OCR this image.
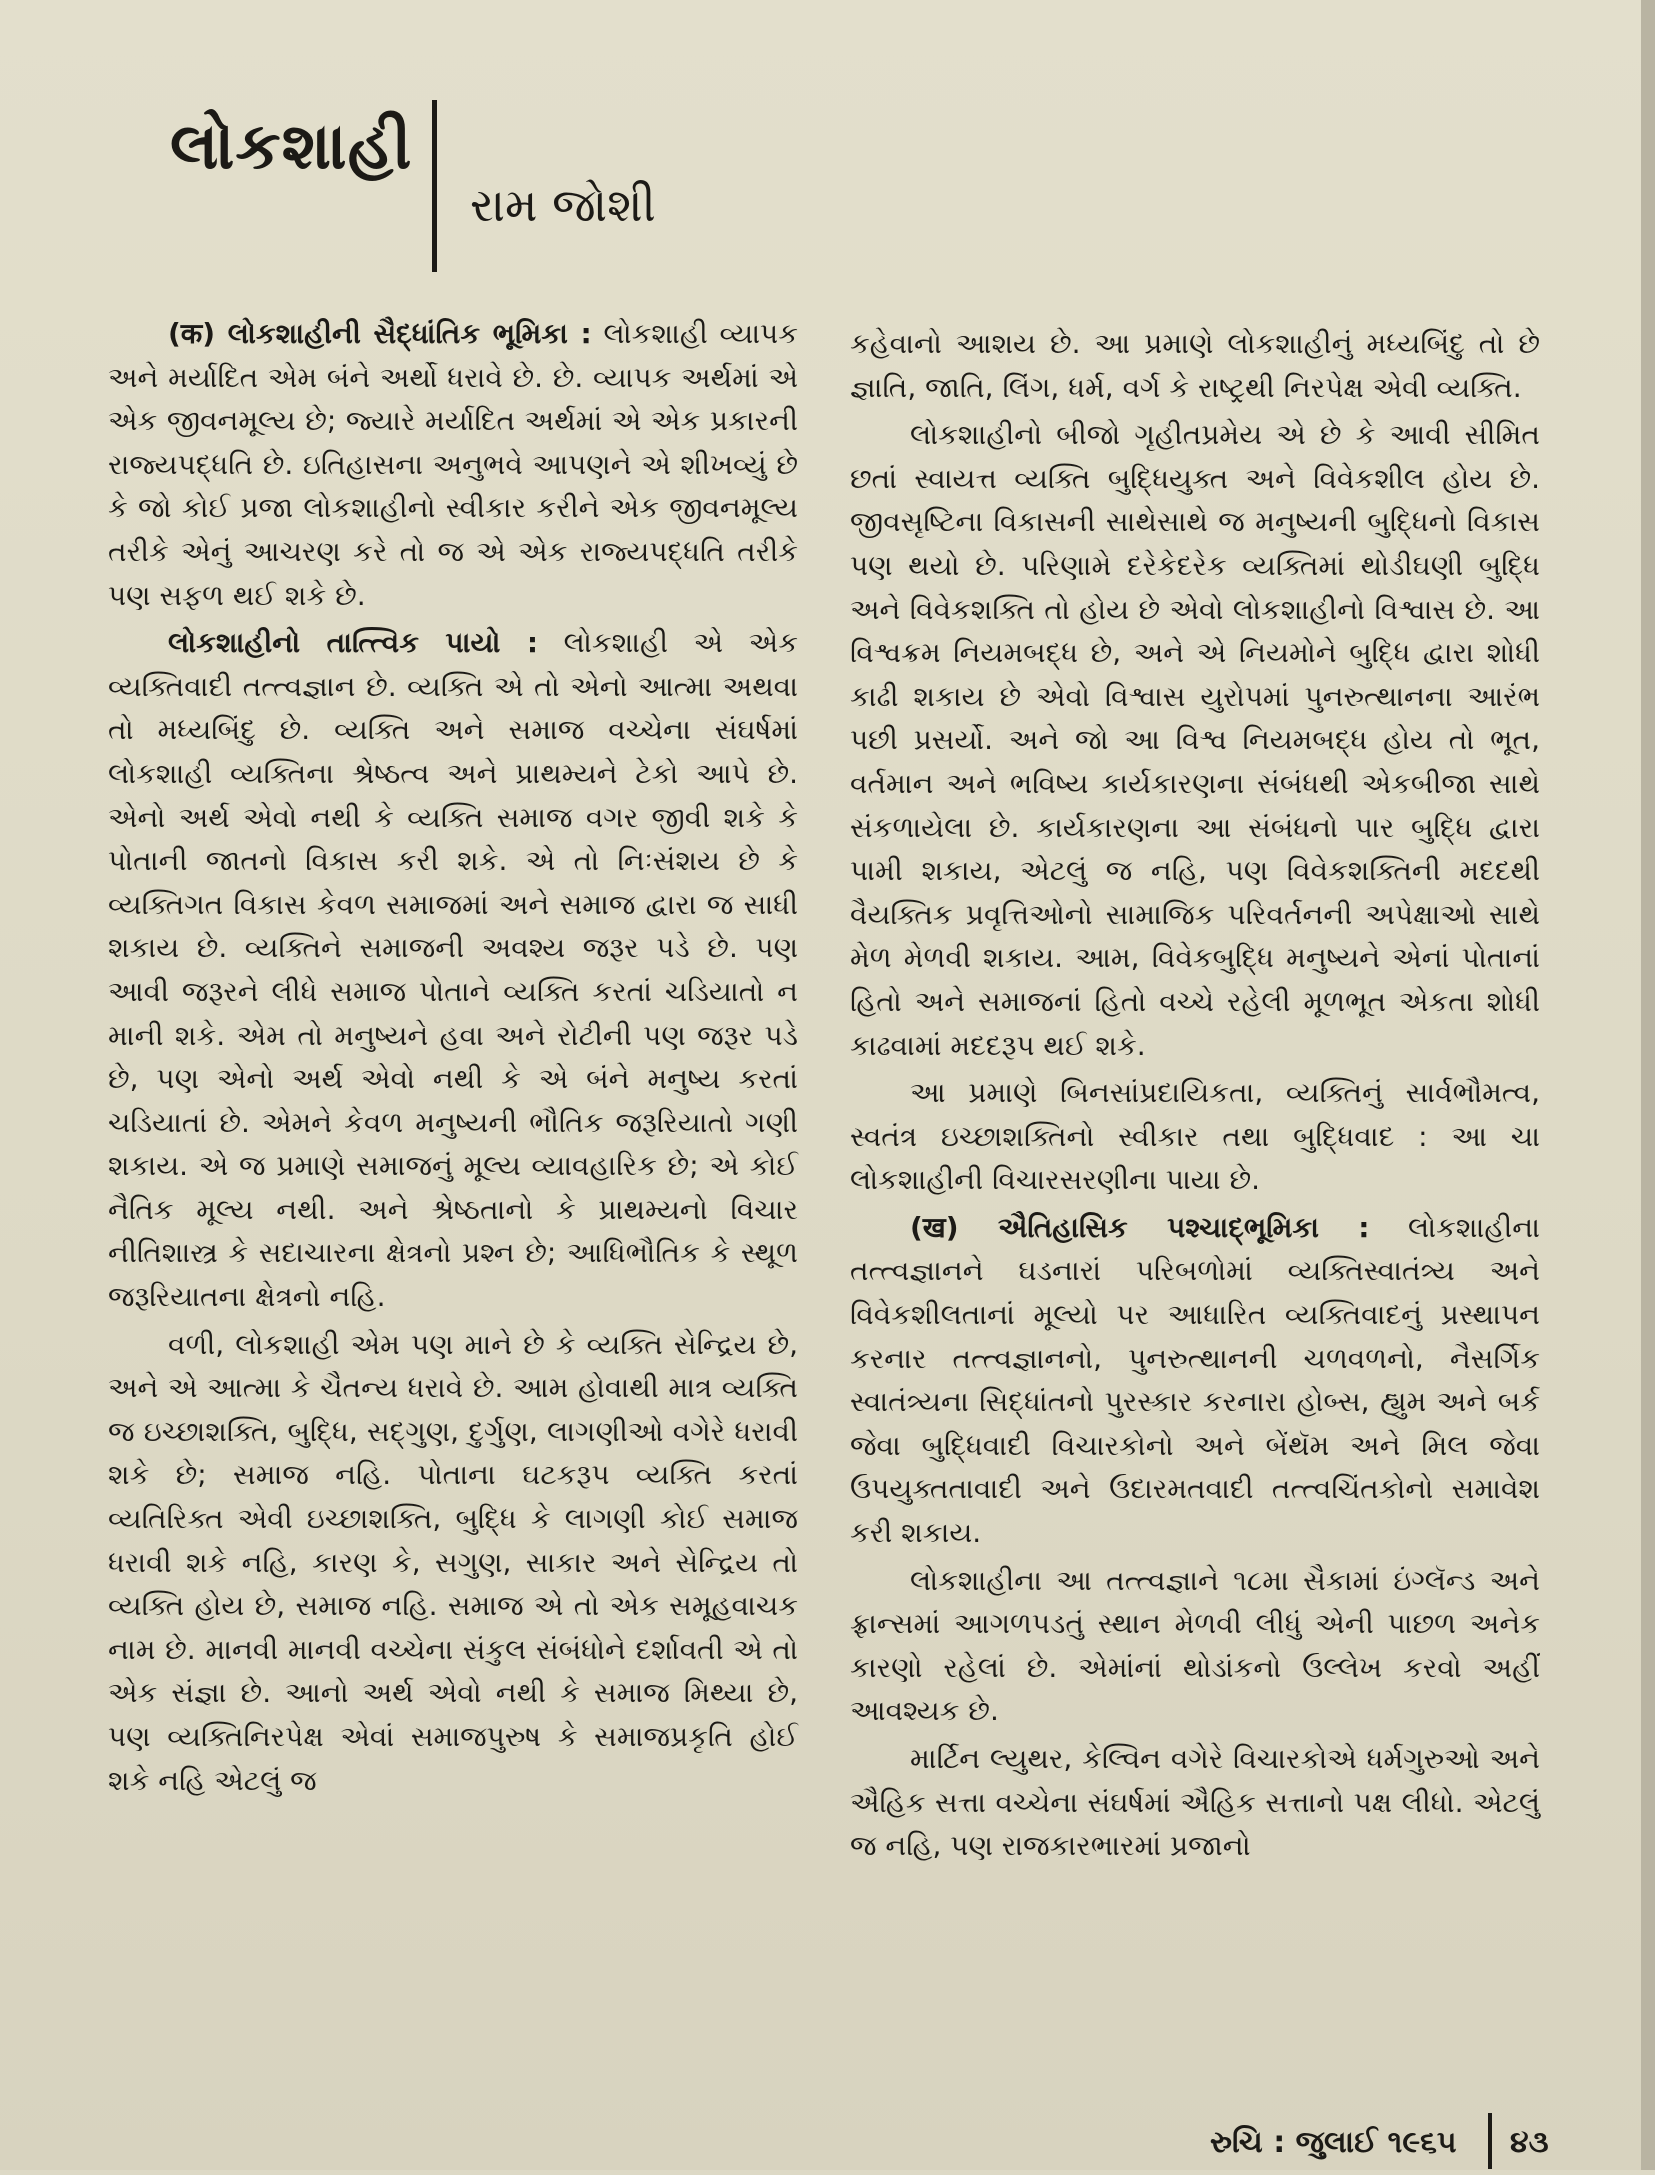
લોકશાહી
રામ જોશી

(क) લોકશાહીની સૈદ્ધાંતિક ભૂમિકા : લોકશાહી વ્યાપક અને મર્યાદિત એમ બંને અર્થો ધરાવે છે. છે. વ્યાપક અર્થમાં એ એક જીવનમૂલ્ય છે; જ્યારે મર્યાદિત અર્થમાં એ એક પ્રકારની રાજ્યપદ્ધતિ છે. ઇતિહાસના અનુભવે આપણને એ શીખવ્યું છે કે જો કોઈ પ્રજા લોકશાહીનો સ્વીકાર કરીને એક જીવનમૂલ્ય તરીકે એનું આચરણ કરે તો જ એ એક રાજ્યપદ્ધતિ તરીકે પણ સફળ થઈ શકે છે.

લોકશાહીનો તાત્ત્વિક પાયો : લોકશાહી એ એક વ્યક્તિવાદી તત્ત્વજ્ઞાન છે. વ્યક્તિ એ તો એનો આત્મા અથવા તો મધ્યબિંદુ છે. વ્યક્તિ અને સમાજ વચ્ચેના સંઘર્ષમાં લોકશાહી વ્યક્તિના શ્રેષ્ઠત્વ અને પ્રાથમ્યને ટેકો આપે છે. એનો અર્થ એવો નથી કે વ્યક્તિ સમાજ વગર જીવી શકે કે પોતાની જાતનો વિકાસ કરી શકે. એ તો નિઃસંશય છે કે વ્યક્તિગત વિકાસ કેવળ સમાજમાં અને સમાજ દ્વારા જ સાધી શકાય છે. વ્યક્તિને સમાજની અવશ્ય જરૂર પડે છે. પણ આવી જરૂરને લીધે સમાજ પોતાને વ્યક્તિ કરતાં ચડિયાતો ન માની શકે. એમ તો મનુષ્યને હવા અને રોટીની પણ જરૂર પડે છે, પણ એનો અર્થ એવો નથી કે એ બંને મનુષ્ય કરતાં ચડિયાતાં છે. એમને કેવળ મનુષ્યની ભૌતિક જરૂરિયાતો ગણી શકાય. એ જ પ્રમાણે સમાજનું મૂલ્ય વ્યાવહારિક છે; એ કોઈ નૈતિક મૂલ્ય નથી. અને શ્રેષ્ઠતાનો કે પ્રાથમ્યનો વિચાર નીતિશાસ્ત્ર કે સદાચારના ક્ષેત્રનો પ્રશ્ન છે; આધિભૌતિક કે સ્થૂળ જરૂરિયાતના ક્ષેત્રનો નહિ.

વળી, લોકશાહી એમ પણ માને છે કે વ્યક્તિ સેન્દ્રિય છે, અને એ આત્મા કે ચૈતન્ય ધરાવે છે. આમ હોવાથી માત્ર વ્યક્તિ જ ઇચ્છાશક્તિ, બુદ્ધિ, સદ્ગુણ, દુર્ગુણ, લાગણીઓ વગેરે ધરાવી શકે છે; સમાજ નહિ. પોતાના ઘટકરૂપ વ્યક્તિ કરતાં વ્યતિરિક્ત એવી ઇચ્છાશક્તિ, બુદ્ધિ કે લાગણી કોઈ સમાજ ધરાવી શકે નહિ, કારણ કે, સગુણ, સાકાર અને સેન્દ્રિય તો વ્યક્તિ હોય છે, સમાજ નહિ. સમાજ એ તો એક સમૂહવાચક નામ છે. માનવી માનવી વચ્ચેના સંકુલ સંબંધોને દર્શાવતી એ તો એક સંજ્ઞા છે. આનો અર્થ એવો નથી કે સમાજ મિથ્યા છે, પણ વ્યક્તિનિરપેક્ષ એવાં સમાજપુરુષ કે સમાજપ્રકૃતિ હોઈ શકે નહિ એટલું જ

કહેવાનો આશય છે. આ પ્રમાણે લોકશાહીનું મધ્યબિંદુ તો છે જ્ઞાતિ, જાતિ, લિંગ, ધર્મ, વર્ગ કે રાષ્ટ્રથી નિરપેક્ષ એવી વ્યક્તિ.

લોકશાહીનો બીજો ગૃહીતપ્રમેય એ છે કે આવી સીમિત છતાં સ્વાયત્ત વ્યક્તિ બુદ્ધિયુક્ત અને વિવેકશીલ હોય છે. જીવસૃષ્ટિના વિકાસની સાથેસાથે જ મનુષ્યની બુદ્ધિનો વિકાસ પણ થયો છે. પરિણામે દરેકેદરેક વ્યક્તિમાં થોડીઘણી બુદ્ધિ અને વિવેકશક્તિ તો હોય છે એવો લોકશાહીનો વિશ્વાસ છે. આ વિશ્વક્રમ નિયમબદ્ધ છે, અને એ નિયમોને બુદ્ધિ દ્વારા શોધી કાઢી શકાય છે એવો વિશ્વાસ યુરોપમાં પુનરુત્થાનના આરંભ પછી પ્રસર્યો. અને જો આ વિશ્વ નિયમબદ્ધ હોય તો ભૂત, વર્તમાન અને ભવિષ્ય કાર્યકારણના સંબંધથી એકબીજા સાથે સંકળાયેલા છે. કાર્યકારણના આ સંબંધનો પાર બુદ્ધિ દ્વારા પામી શકાય, એટલું જ નહિ, પણ વિવેકશક્તિની મદદથી વૈયક્તિક પ્રવૃત્તિઓનો સામાજિક પરિવર્તનની અપેક્ષાઓ સાથે મેળ મેળવી શકાય. આમ, વિવેકબુદ્ધિ મનુષ્યને એનાં પોતાનાં હિતો અને સમાજનાં હિતો વચ્ચે રહેલી મૂળભૂત એકતા શોધી કાઢવામાં મદદરૂપ થઈ શકે.

આ પ્રમાણે બિનસાંપ્રદાયિકતા, વ્યક્તિનું સાર્વભૌમત્વ, સ્વતંત્ર ઇચ્છાશક્તિનો સ્વીકાર તથા બુદ્ધિવાદ : આ ચા લોકશાહીની વિચારસરણીના પાયા છે.

(ख) ઐતિહાસિક પશ્ચાદ્ભૂમિકા : લોકશાહીના તત્ત્વજ્ઞાનને ઘડનારાં પરિબળોમાં વ્યક્તિસ્વાતંત્ર્ય અને વિવેકશીલતાનાં મૂલ્યો પર આધારિત વ્યક્તિવાદનું પ્રસ્થાપન કરનાર તત્ત્વજ્ઞાનનો, પુનરુત્થાનની ચળવળનો, નૈસર્ગિક સ્વાતંત્ર્યના સિદ્ધાંતનો પુરસ્કાર કરનારા હોબ્સ, હ્યુમ અને બર્ક જેવા બુદ્ધિવાદી વિચારકોનો અને બેંથૅમ અને મિલ જેવા ઉપયુક્તતાવાદી અને ઉદારમતવાદી તત્ત્વચિંતકોનો સમાવેશ કરી શકાય.

લોકશાહીના આ તત્ત્વજ્ઞાને ૧૮મા સૈકામાં ઇંગ્લૅન્ડ અને ફ્રાન્સમાં આગળપડતું સ્થાન મેળવી લીધું એની પાછળ અનેક કારણો રહેલાં છે. એમાંનાં થોડાંકનો ઉલ્લેખ કરવો અહીં આવશ્યક છે.

માર્ટિન લ્યુથર, કેલ્વિન વગેરે વિચારકોએ ધર્મગુરુઓ અને ઐહિક સત્તા વચ્ચેના સંઘર્ષમાં ઐહિક સત્તાનો પક્ષ લીધો. એટલું જ નહિ, પણ રાજકારભારમાં પ્રજાનો

રુચિ : જુલાઈ ૧૯૬૫ ૪૩
